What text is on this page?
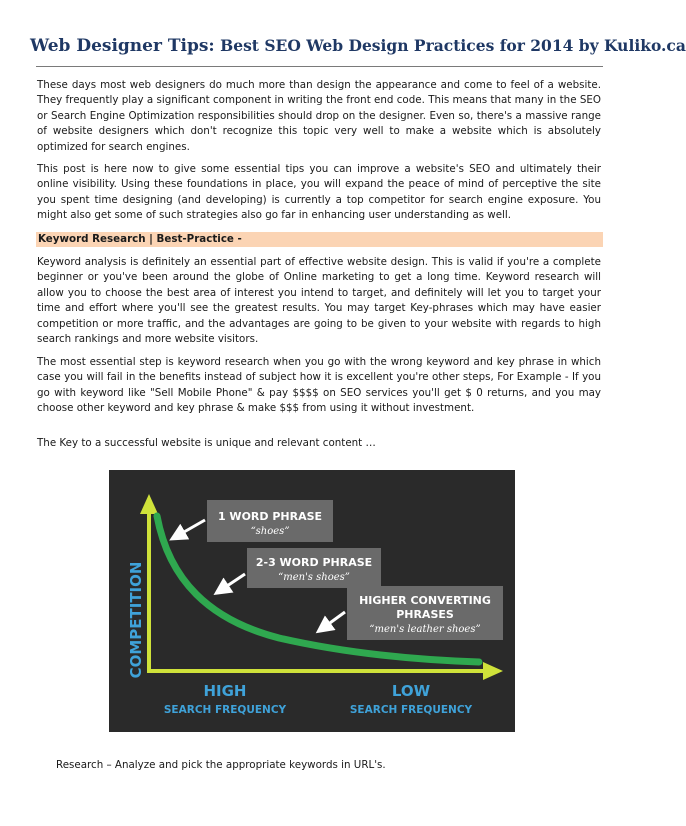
Web Designer Tips: Best SEO Web Design Practices for 2014 by Kuliko.ca

These days most web designers do much more than design the appearance and come to feel of a website. They frequently play a significant component in writing the front end code. This means that many in the SEO or Search Engine Optimization responsibilities should drop on the designer. Even so, there's a massive range of website designers which don't recognize this topic very well to make a website which is absolutely optimized for search engines.

This post is here now to give some essential tips you can improve a website's SEO and ultimately their online visibility. Using these foundations in place, you will expand the peace of mind of perceptive the site you spent time designing (and developing) is currently a top competitor for search engine exposure. You might also get some of such strategies also go far in enhancing user understanding as well.

Keyword Research | Best-Practice -

Keyword analysis is definitely an essential part of effective website design. This is valid if you're a complete beginner or you've been around the globe of Online marketing to get a long time. Keyword research will allow you to choose the best area of interest you intend to target, and definitely will let you to target your time and effort where you'll see the greatest results. You may target Key-phrases which may have easier competition or more traffic, and the advantages are going to be given to your website with regards to high search rankings and more website visitors.

The most essential step is keyword research when you go with the wrong keyword and key phrase in which case you will fail in the benefits instead of subject how it is excellent you're other steps, For Example - If you go with keyword like "Sell Mobile Phone" & pay $$$$ on SEO services you'll get $ 0 returns, and you may choose other keyword and key phrase & make $$$ from using it without investment.

The Key to a successful website is unique and relevant content …

COMPETITION
1 WORD PHRASE
“shoes”
2-3 WORD PHRASE
“men's shoes”
HIGHER CONVERTING
PHRASES
“men's leather shoes”
HIGH
SEARCH FREQUENCY
LOW
SEARCH FREQUENCY
Research – Analyze and pick the appropriate keywords in URL's.
